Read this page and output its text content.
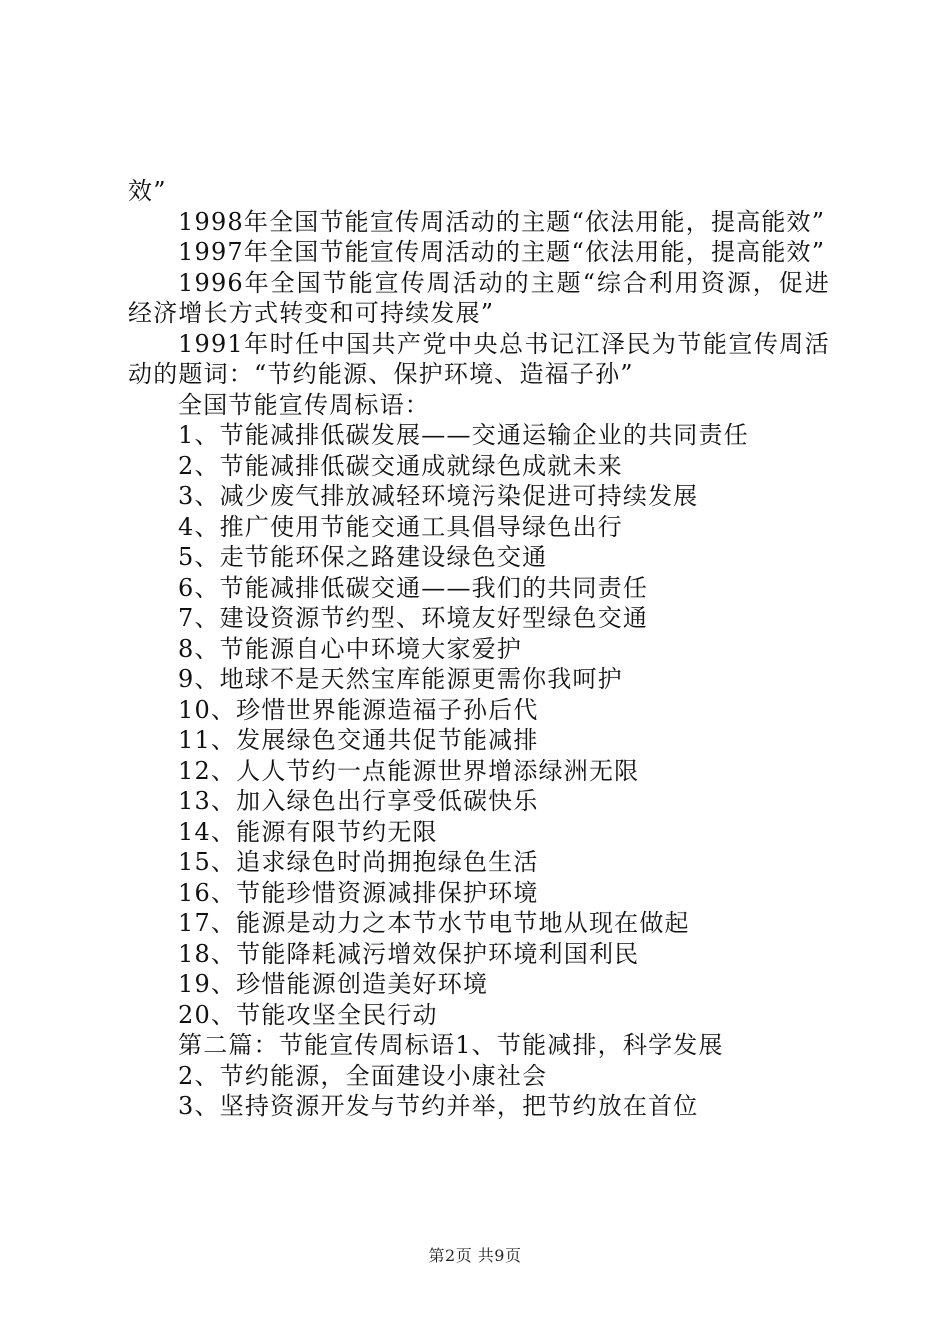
效”

1998年全国节能宣传周活动的主题“依法用能，提高能效”

1997年全国节能宣传周活动的主题“依法用能，提高能效”

1996年全国节能宣传周活动的主题“综合利用资源，促进经济增长方式转变和可持续发展”

1991年时任中国共产党中央总书记江泽民为节能宣传周活动的题词：“节约能源、保护环境、造福子孙”

全国节能宣传周标语：

1、节能减排低碳发展——交通运输企业的共同责任

2、节能减排低碳交通成就绿色成就未来

3、减少废气排放减轻环境污染促进可持续发展

4、推广使用节能交通工具倡导绿色出行

5、走节能环保之路建设绿色交通

6、节能减排低碳交通——我们的共同责任

7、建设资源节约型、环境友好型绿色交通

8、节能源自心中环境大家爱护

9、地球不是天然宝库能源更需你我呵护

10、珍惜世界能源造福子孙后代

11、发展绿色交通共促节能减排

12、人人节约一点能源世界增添绿洲无限

13、加入绿色出行享受低碳快乐

14、能源有限节约无限

15、追求绿色时尚拥抱绿色生活

16、节能珍惜资源减排保护环境

17、能源是动力之本节水节电节地从现在做起

18、节能降耗减污增效保护环境利国利民

19、珍惜能源创造美好环境

20、节能攻坚全民行动

第二篇：节能宣传周标语1、节能减排，科学发展

2、节约能源，全面建设小康社会

3、坚持资源开发与节约并举，把节约放在首位

第2页 共9页
